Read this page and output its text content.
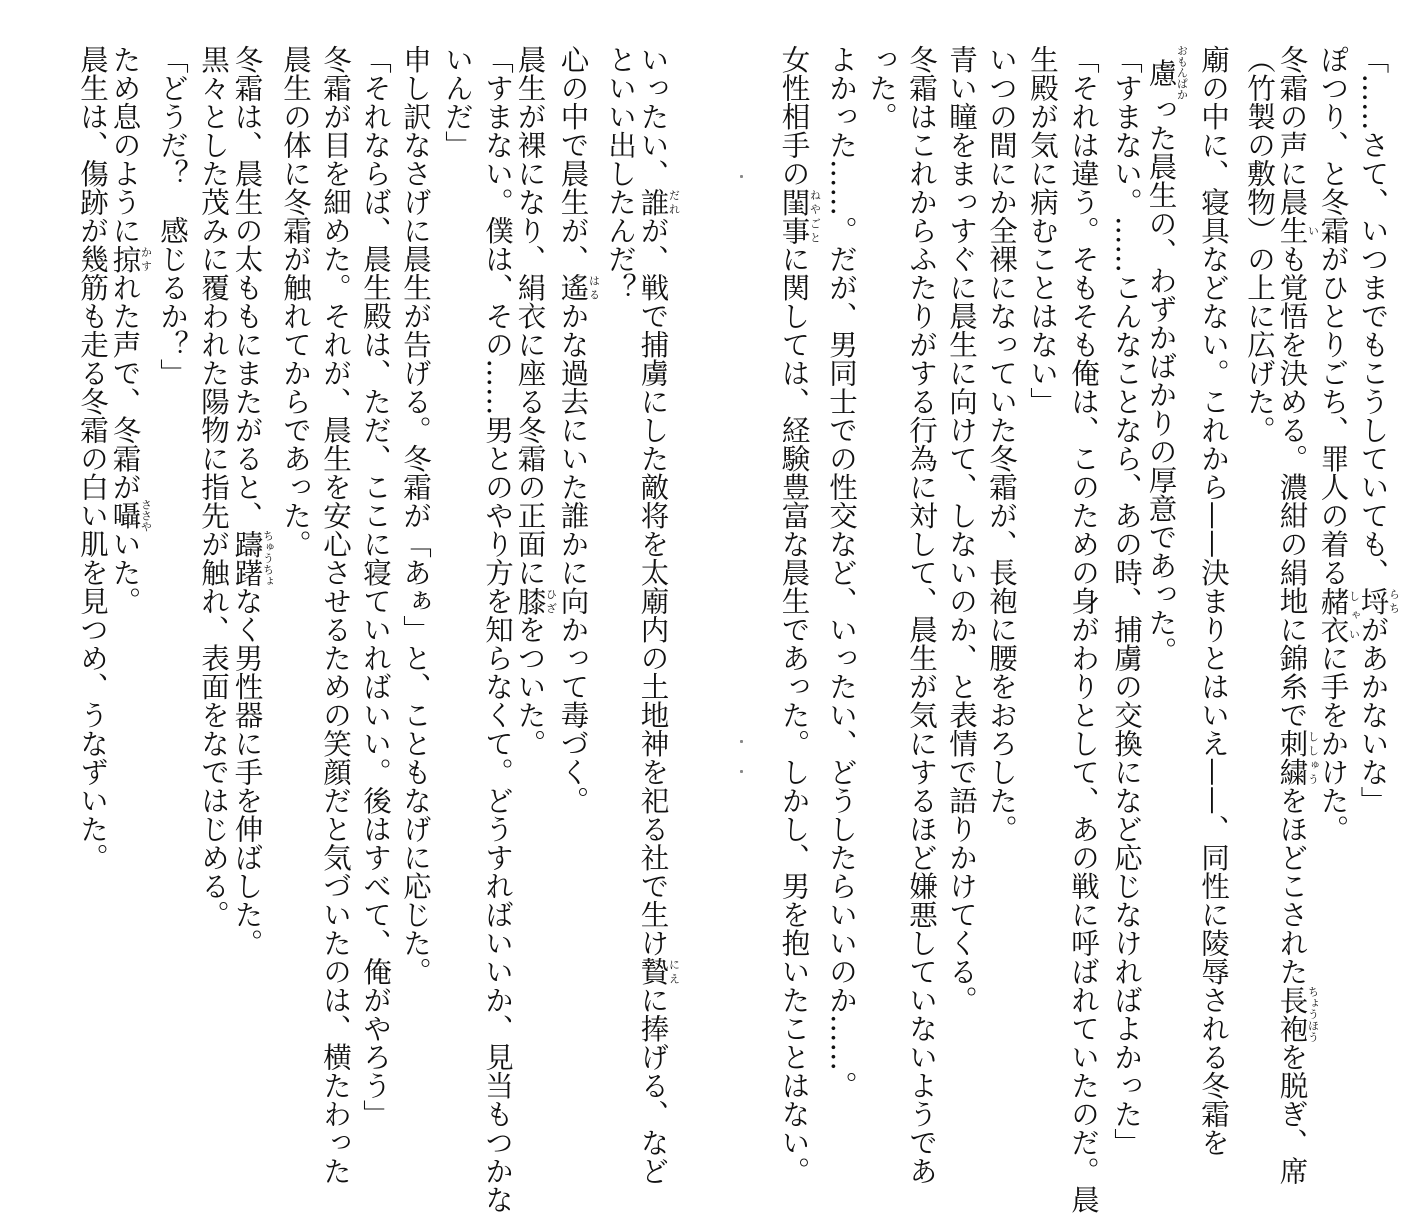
「……さて、いつまでもこうしていても、埒らちがあかないな」
ぽつり、と冬霜がひとりごち、罪人の着る赭衣しゃいに手をかけた。
冬霜の声に晨生いも覚悟を決める。濃紺の絹地に錦糸で刺繍ししゅうをほどこされた長袍ちょうほうを脱ぎ、席
（竹製の敷物）の上に広げた。
廟の中に、寝具などない。これから——決まりとはいえ——、同性に陵辱される冬霜を
慮おもんぱかった晨生の、わずかばかりの厚意であった。
「すまない。……こんなことなら、あの時、捕虜の交換になど応じなければよかった」
「それは違う。そもそも俺は、このための身がわりとして、あの戦に呼ばれていたのだ。晨
生殿が気に病むことはない」
いつの間にか全裸になっていた冬霜が、長袍に腰をおろした。
青い瞳をまっすぐに晨生に向けて、しないのか、と表情で語りかけてくる。
冬霜はこれからふたりがする行為に対して、晨生が気にするほど嫌悪していないようであ
った。
よかった……。だが、男同士での性交など、いったい、どうしたらいいのか……。
女性相手の閨事ねやごとに関しては、経験豊富な晨生であった。しかし、男を抱いたことはない。
いったい、誰だれが、戦で捕虜にした敵将を太廟内の土地神を祀る社で生け贄にえに捧げる、など
といい出したんだ？
心の中で晨生が、遙はるかな過去にいた誰かに向かって毒づく。
晨生が裸になり、絹衣に座る冬霜の正面に膝ひざをついた。
「すまない。僕は、その……男とのやり方を知らなくて。どうすればいいか、見当もつかな
いんだ」
申し訳なさげに晨生が告げる。冬霜が「あぁ」と、こともなげに応じた。
「それならば、晨生殿は、ただ、ここに寝ていればいい。後はすべて、俺がやろう」
冬霜が目を細めた。それが、晨生を安心させるための笑顔だと気づいたのは、横たわった
晨生の体に冬霜が触れてからであった。
冬霜は、晨生の太ももにまたがると、躊躇ちゅうちょなく男性器に手を伸ばした。
黒々とした茂みに覆われた陽物に指先が触れ、表面をなではじめる。
「どうだ？　感じるか？」
ため息のように掠かすれた声で、冬霜が囁ささやいた。
晨生は、傷跡が幾筋も走る冬霜の白い肌を見つめ、うなずいた。
